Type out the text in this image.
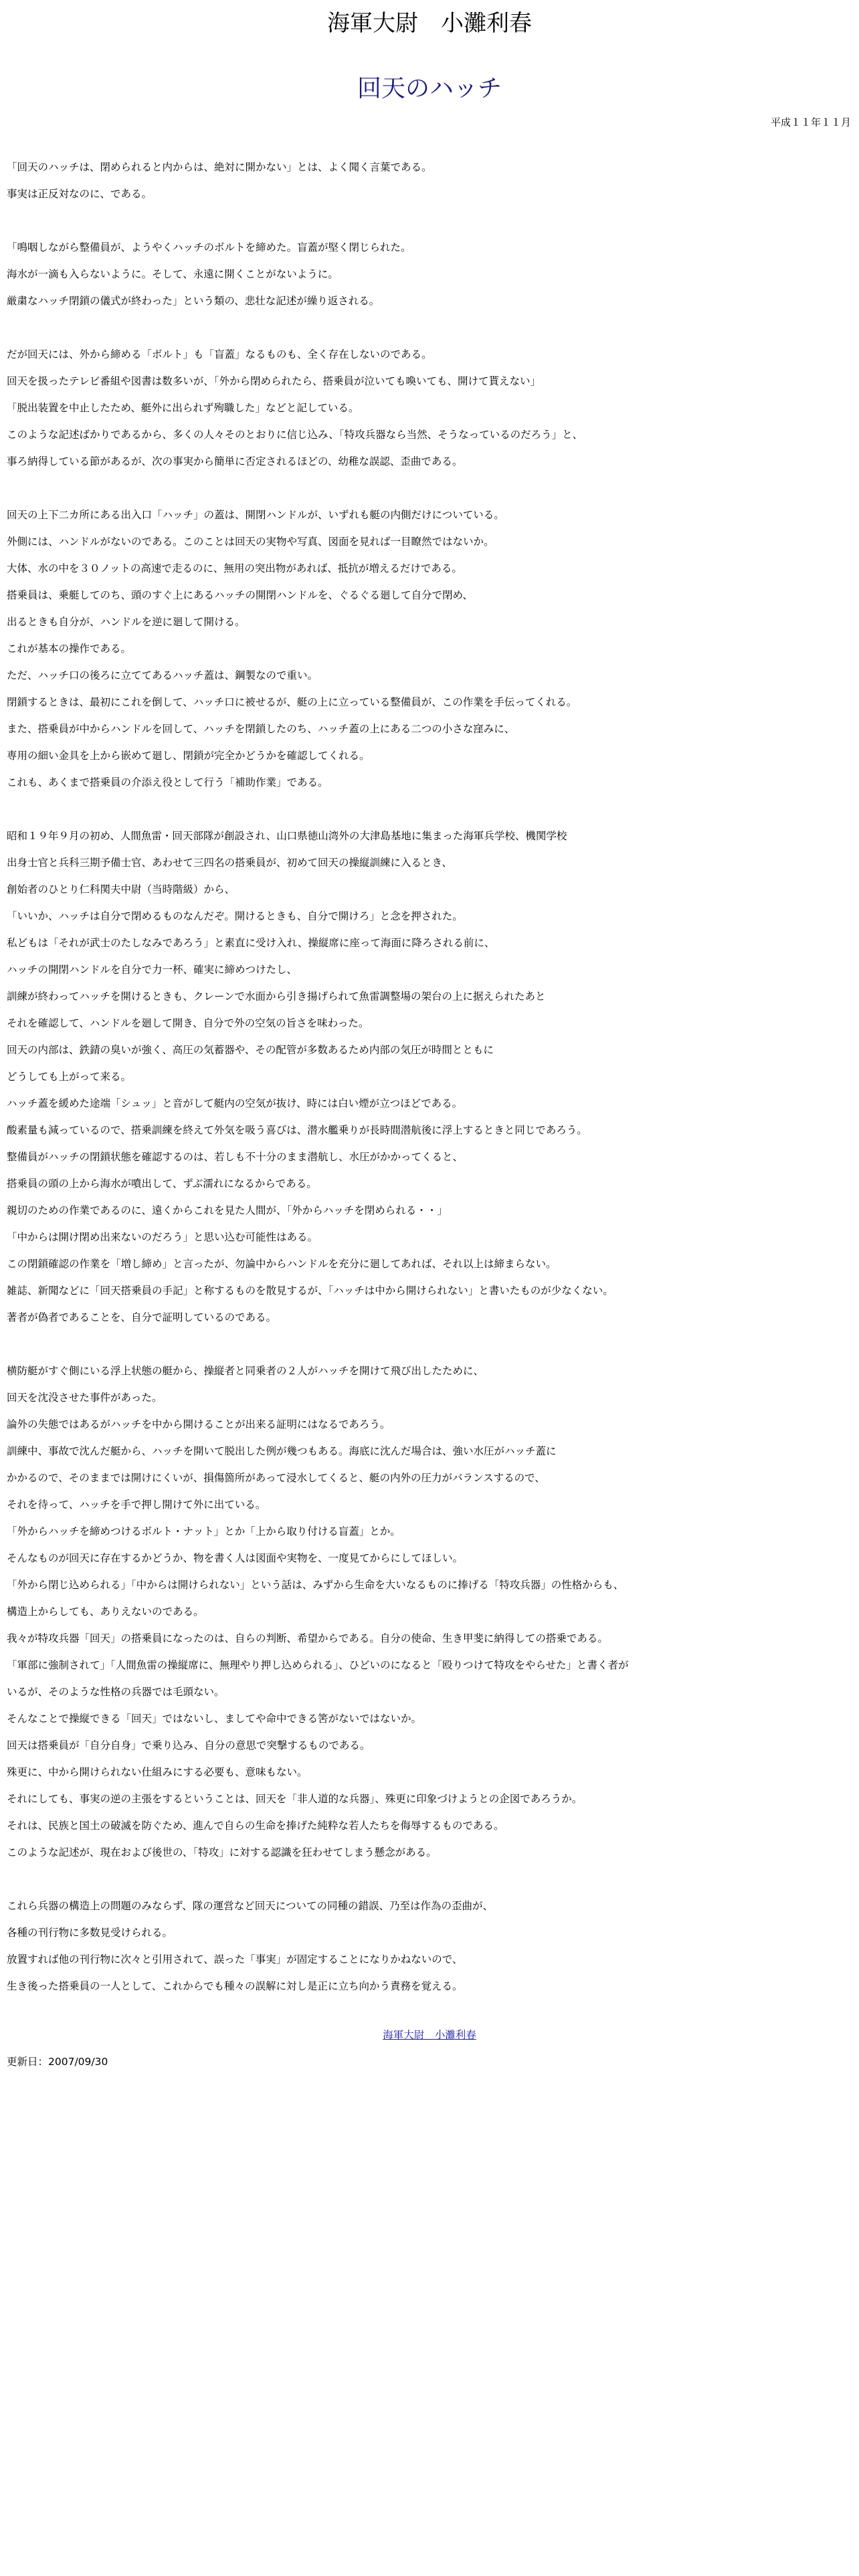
海軍大尉　小灘利春
回天のハッチ
平成１１年１１月
「回天のハッチは、閉められると内からは、絶対に開かない」とは、よく聞く言葉である。
事実は正反対なのに、である。
「鳴咽しながら整備員が、ようやくハッチのボルトを締めた。盲蓋が堅く閉じられた。
海水が一滴も入らないように。そして、永遠に開くことがないように。
厳粛なハッチ閉鎖の儀式が終わった」という類の、悲壮な記述が繰り返される。
だが回天には、外から締める「ボルト」も「盲蓋」なるものも、全く存在しないのである。
回天を扱ったテレビ番組や図書は数多いが、「外から閉められたら、搭乗員が泣いても喚いても、開けて貰えない」
「脱出装置を中止したため、艇外に出られず殉職した」などと記している。
このような記述ばかりであるから、多くの人々そのとおりに信じ込み、「特攻兵器なら当然、そうなっているのだろう」と、
事ろ納得している節があるが、次の事実から簡単に否定されるほどの、幼稚な誤認、歪曲である。
回天の上下二カ所にある出入口「ハッチ」の蓋は、開閉ハンドルが、いずれも艇の内側だけについている。
外側には、ハンドルがないのである。このことは回天の実物や写真、図面を見れば一目瞭然ではないか。
大体、水の中を３０ノットの高速で走るのに、無用の突出物があれば、抵抗が増えるだけである。
搭乗員は、乗艇してのち、頭のすぐ上にあるハッチの開閉ハンドルを、ぐるぐる廻して自分で閉め、
出るときも自分が、ハンドルを逆に廻して開ける。
これが基本の操作である。
ただ、ハッチ口の後ろに立ててあるハッチ蓋は、鋼製なので重い。
閉鎖するときは、最初にこれを倒して、ハッチ口に被せるが、艇の上に立っている整備員が、この作業を手伝ってくれる。
また、搭乗員が中からハンドルを回して、ハッチを閉鎖したのち、ハッチ蓋の上にある二つの小さな窪みに、
専用の細い金具を上から嵌めて廻し、閉鎖が完全かどうかを確認してくれる。
これも、あくまで搭乗員の介添え役として行う「補助作業」である。
昭和１９年９月の初め、人間魚雷・回天部隊が創設され、山口県徳山湾外の大津島基地に集まった海軍兵学校、機関学校
出身士官と兵科三期予備士官、あわせて三四名の搭乗員が、初めて回天の操縦訓練に入るとき、
創始者のひとり仁科関夫中尉（当時階級）から、
「いいか、ハッチは自分で閉めるものなんだぞ。開けるときも、自分で開けろ」と念を押された。
私どもは「それが武士のたしなみであろう」と素直に受け入れ、操縦席に座って海面に降ろされる前に、
ハッチの開閉ハンドルを自分で力一杯、確実に締めつけたし、
訓練が終わってハッチを開けるときも、クレーンで水面から引き揚げられて魚雷調整場の架台の上に据えられたあと
それを確認して、ハンドルを廻して開き、自分で外の空気の旨さを味わった。
回天の内部は、鉄錆の臭いが強く、高圧の気蓄器や、その配管が多数あるため内部の気圧が時間とともに
どうしても上がって来る。
ハッチ蓋を緩めた途端「シュッ」と音がして艇内の空気が抜け、時には白い煙が立つほどである。
酸素量も減っているので、搭乗訓練を終えて外気を吸う喜びは、潜水艦乗りが長時間潜航後に浮上するときと同じであろう。
整備員がハッチの閉鎖状態を確認するのは、若しも不十分のまま潜航し、水圧がかかってくると、
搭乗員の頭の上から海水が噴出して、ずぶ濡れになるからである。
親切のための作業であるのに、遠くからこれを見た人間が、「外からハッチを閉められる・・」
「中からは開け閉め出来ないのだろう」と思い込む可能性はある。
この閉鎖確認の作業を「増し締め」と言ったが、勿論中からハンドルを充分に廻してあれば、それ以上は締まらない。
雑誌、新聞などに「回天搭乗員の手記」と称するものを散見するが、「ハッチは中から開けられない」と書いたものが少なくない。
著者が偽者であることを、自分で証明しているのである。
横防艇がすぐ側にいる浮上状態の艇から、操縦者と同乗者の２人がハッチを開けて飛び出したために、
回天を沈没させた事件があった。
論外の失態ではあるがハッチを中から開けることが出来る証明にはなるであろう。
訓練中、事故で沈んだ艇から、ハッチを開いて脱出した例が幾つもある。海底に沈んだ場合は、強い水圧がハッチ蓋に
かかるので、そのままでは開けにくいが、損傷箇所があって浸水してくると、艇の内外の圧力がバランスするので、
それを待って、ハッチを手で押し開けて外に出ている。
「外からハッチを締めつけるボルト・ナット」とか「上から取り付ける盲蓋」とか。
そんなものが回天に存在するかどうか、物を書く人は図面や実物を、一度見てからにしてほしい。
「外から閉じ込められる」「中からは開けられない」という話は、みずから生命を大いなるものに捧げる「特攻兵器」の性格からも、
構造上からしても、ありえないのである。
我々が特攻兵器「回天」の搭乗員になったのは、自らの判断、希望からである。自分の使命、生き甲斐に納得しての搭乗である。
「軍部に強制されて」「人間魚雷の操縦席に、無理やり押し込められる」、ひどいのになると「殴りつけて特攻をやらせた」と書く者が
いるが、そのような性格の兵器では毛頭ない。
そんなことで操縦できる「回天」ではないし、ましてや命中できる筈がないではないか。
回天は搭乗員が「自分自身」で乗り込み、自分の意思で突撃するものである。
殊更に、中から開けられない仕組みにする必要も、意味もない。
それにしても、事実の逆の主張をするということは、回天を「非人道的な兵器」、殊更に印象づけようとの企図であろうか。
それは、民族と国土の破滅を防ぐため、進んで自らの生命を捧げた純粋な若人たちを侮辱するものである。
このような記述が、現在および後世の、「特攻」に対する認識を狂わせてしまう懸念がある。
これら兵器の構造上の問題のみならず、隊の運営など回天についての同種の錯誤、乃至は作為の歪曲が、
各種の刊行物に多数見受けられる。
放置すれば他の刊行物に次々と引用されて、誤った「事実」が固定することになりかねないので、
生き後った搭乗員の一人として、これからでも種々の誤解に対し是正に立ち向かう責務を覚える。
海軍大尉　小灘利春
更新日：2007/09/30
